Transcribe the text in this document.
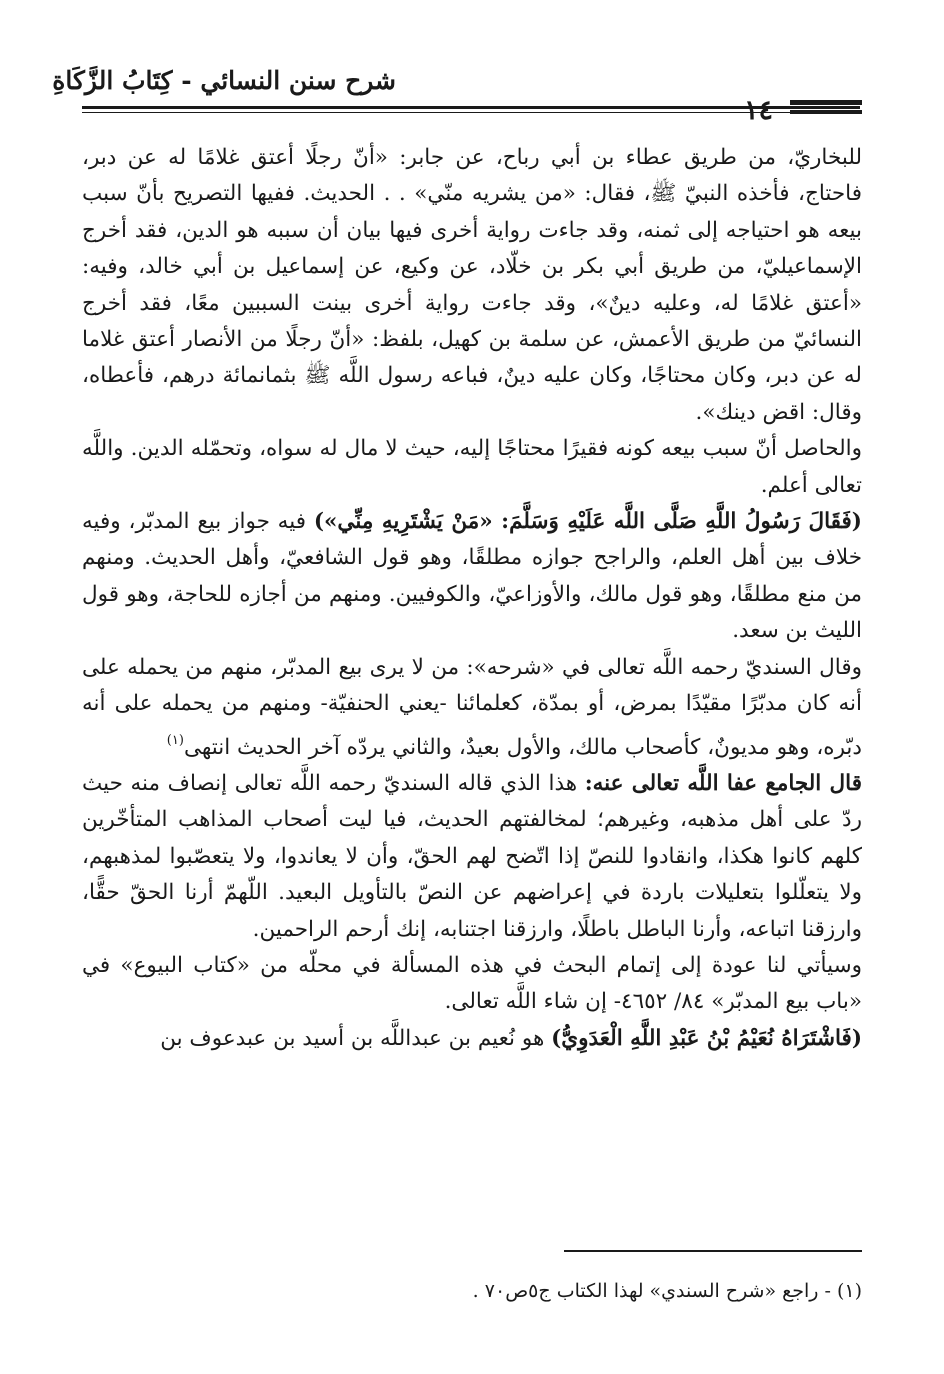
شرح سنن النسائي - كِتَابُ الزَّكَاةِ
١٤

للبخاريّ، من طريق عطاء بن أبي رباح، عن جابر: «أنّ رجلًا أعتق غلامًا له عن دبر، فاحتاج، فأخذه النبيّ ﷺ، فقال: «من يشريه منّي» . . الحديث. ففيها التصريح بأنّ سبب بيعه هو احتياجه إلى ثمنه، وقد جاءت رواية أخرى فيها بيان أن سببه هو الدين، فقد أخرج الإسماعيليّ، من طريق أبي بكر بن خلّاد، عن وكيع، عن إسماعيل بن أبي خالد، وفيه: «أعتق غلامًا له، وعليه دينٌ»، وقد جاءت رواية أخرى بينت السببين معًا، فقد أخرج النسائيّ من طريق الأعمش، عن سلمة بن كهيل، بلفظ: «أنّ رجلًا من الأنصار أعتق غلاما له عن دبر، وكان محتاجًا، وكان عليه دينٌ، فباعه رسول اللَّه ﷺ بثمانمائة درهم، فأعطاه، وقال: اقض دينك».

والحاصل أنّ سبب بيعه كونه فقيرًا محتاجًا إليه، حيث لا مال له سواه، وتحمّله الدين. واللَّه تعالى أعلم.

(فَقَالَ رَسُولُ اللَّهِ صَلَّى اللَّه عَلَيْهِ وَسَلَّمَ: «مَنْ يَشْتَرِيهِ مِنِّي») فيه جواز بيع المدبّر، وفيه خلاف بين أهل العلم، والراجح جوازه مطلقًا، وهو قول الشافعيّ، وأهل الحديث. ومنهم من منع مطلقًا، وهو قول مالك، والأوزاعيّ، والكوفيين. ومنهم من أجازه للحاجة، وهو قول الليث بن سعد.

وقال السنديّ رحمه اللَّه تعالى في «شرحه»: من لا يرى بيع المدبّر، منهم من يحمله على أنه كان مدبّرًا مقيّدًا بمرض، أو بمدّة، كعلمائنا -يعني الحنفيّة- ومنهم من يحمله على أنه دبّره، وهو مديونٌ، كأصحاب مالك، والأول بعيدٌ، والثاني يردّه آخر الحديث انتهى$^{(١)}$

قال الجامع عفا اللَّه تعالى عنه: هذا الذي قاله السنديّ رحمه اللَّه تعالى إنصاف منه حيث ردّ على أهل مذهبه، وغيرهم؛ لمخالفتهم الحديث، فيا ليت أصحاب المذاهب المتأخّرين كلهم كانوا هكذا، وانقادوا للنصّ إذا اتّضح لهم الحقّ، وأن لا يعاندوا، ولا يتعصّبوا لمذهبهم، ولا يتعلّلوا بتعليلات باردة في إعراضهم عن النصّ بالتأويل البعيد. اللّهمّ أرنا الحقّ حقًّا، وارزقنا اتباعه، وأرنا الباطل باطلًا، وارزقنا اجتنابه، إنك أرحم الراحمين.

وسيأتي لنا عودة إلى إتمام البحث في هذه المسألة في محلّه من «كتاب البيوع» في «باب بيع المدبّر» ٨٤/ ٤٦٥٢- إن شاء اللَّه تعالى.

(فَاشْتَرَاهُ نُعَيْمُ بْنُ عَبْدِ اللَّهِ الْعَدَوِيُّ) هو نُعيم بن عبداللَّه بن أسيد بن عبدعوف بن

(١) - راجع «شرح السندي» لهذا الكتاب ج٥ص٧٠ .
